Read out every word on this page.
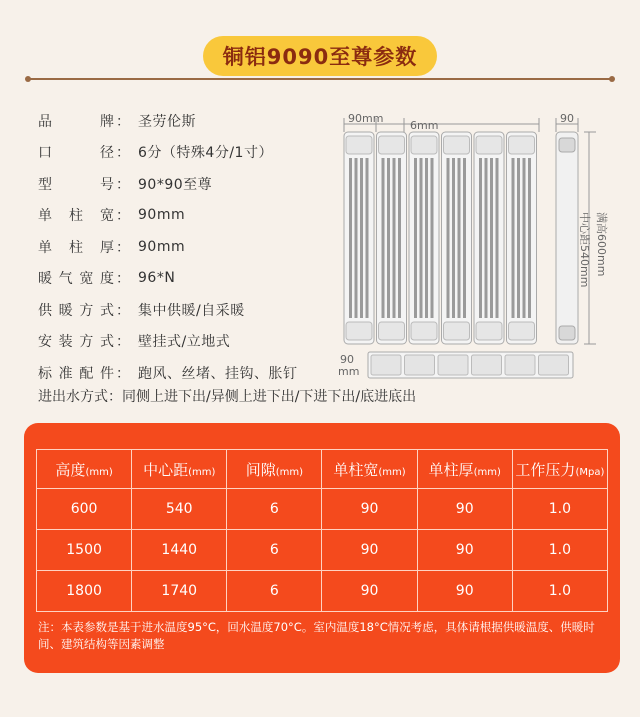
铜铝9090至尊参数
品	牌 ： 圣劳伦斯
口	径 ： 6分（特殊4分/1寸）
型	号 ： 90*90至尊
单 柱 宽 ： 90mm
单 柱 厚 ： 90mm
暖 气 宽 度 ： 96*N
供 暖 方 式 ： 集中供暖/自采暖
安 装 方 式 ： 壁挂式/立地式
标 准 配 件 ： 跑风、丝堵、挂钩、胀钉
进出水方式： 同侧上进下出/异侧上进下出/下进下出/底进底出
90mm
6mm
90
满高600mm
中心距540mm
90
mm
高度(mm)	中心距(mm)	间隙(mm)	单柱宽(mm)	单柱厚(mm)	工作压力(Mpa)
600	540	6	90	90	1.0
1500	1440	6	90	90	1.0
1800	1740	6	90	90	1.0
注：本表参数是基于进水温度95°C，回水温度70°C。室内温度18°C情况考虑，具体请根据供暖温度、供暖时间、建筑结构等因素调整
